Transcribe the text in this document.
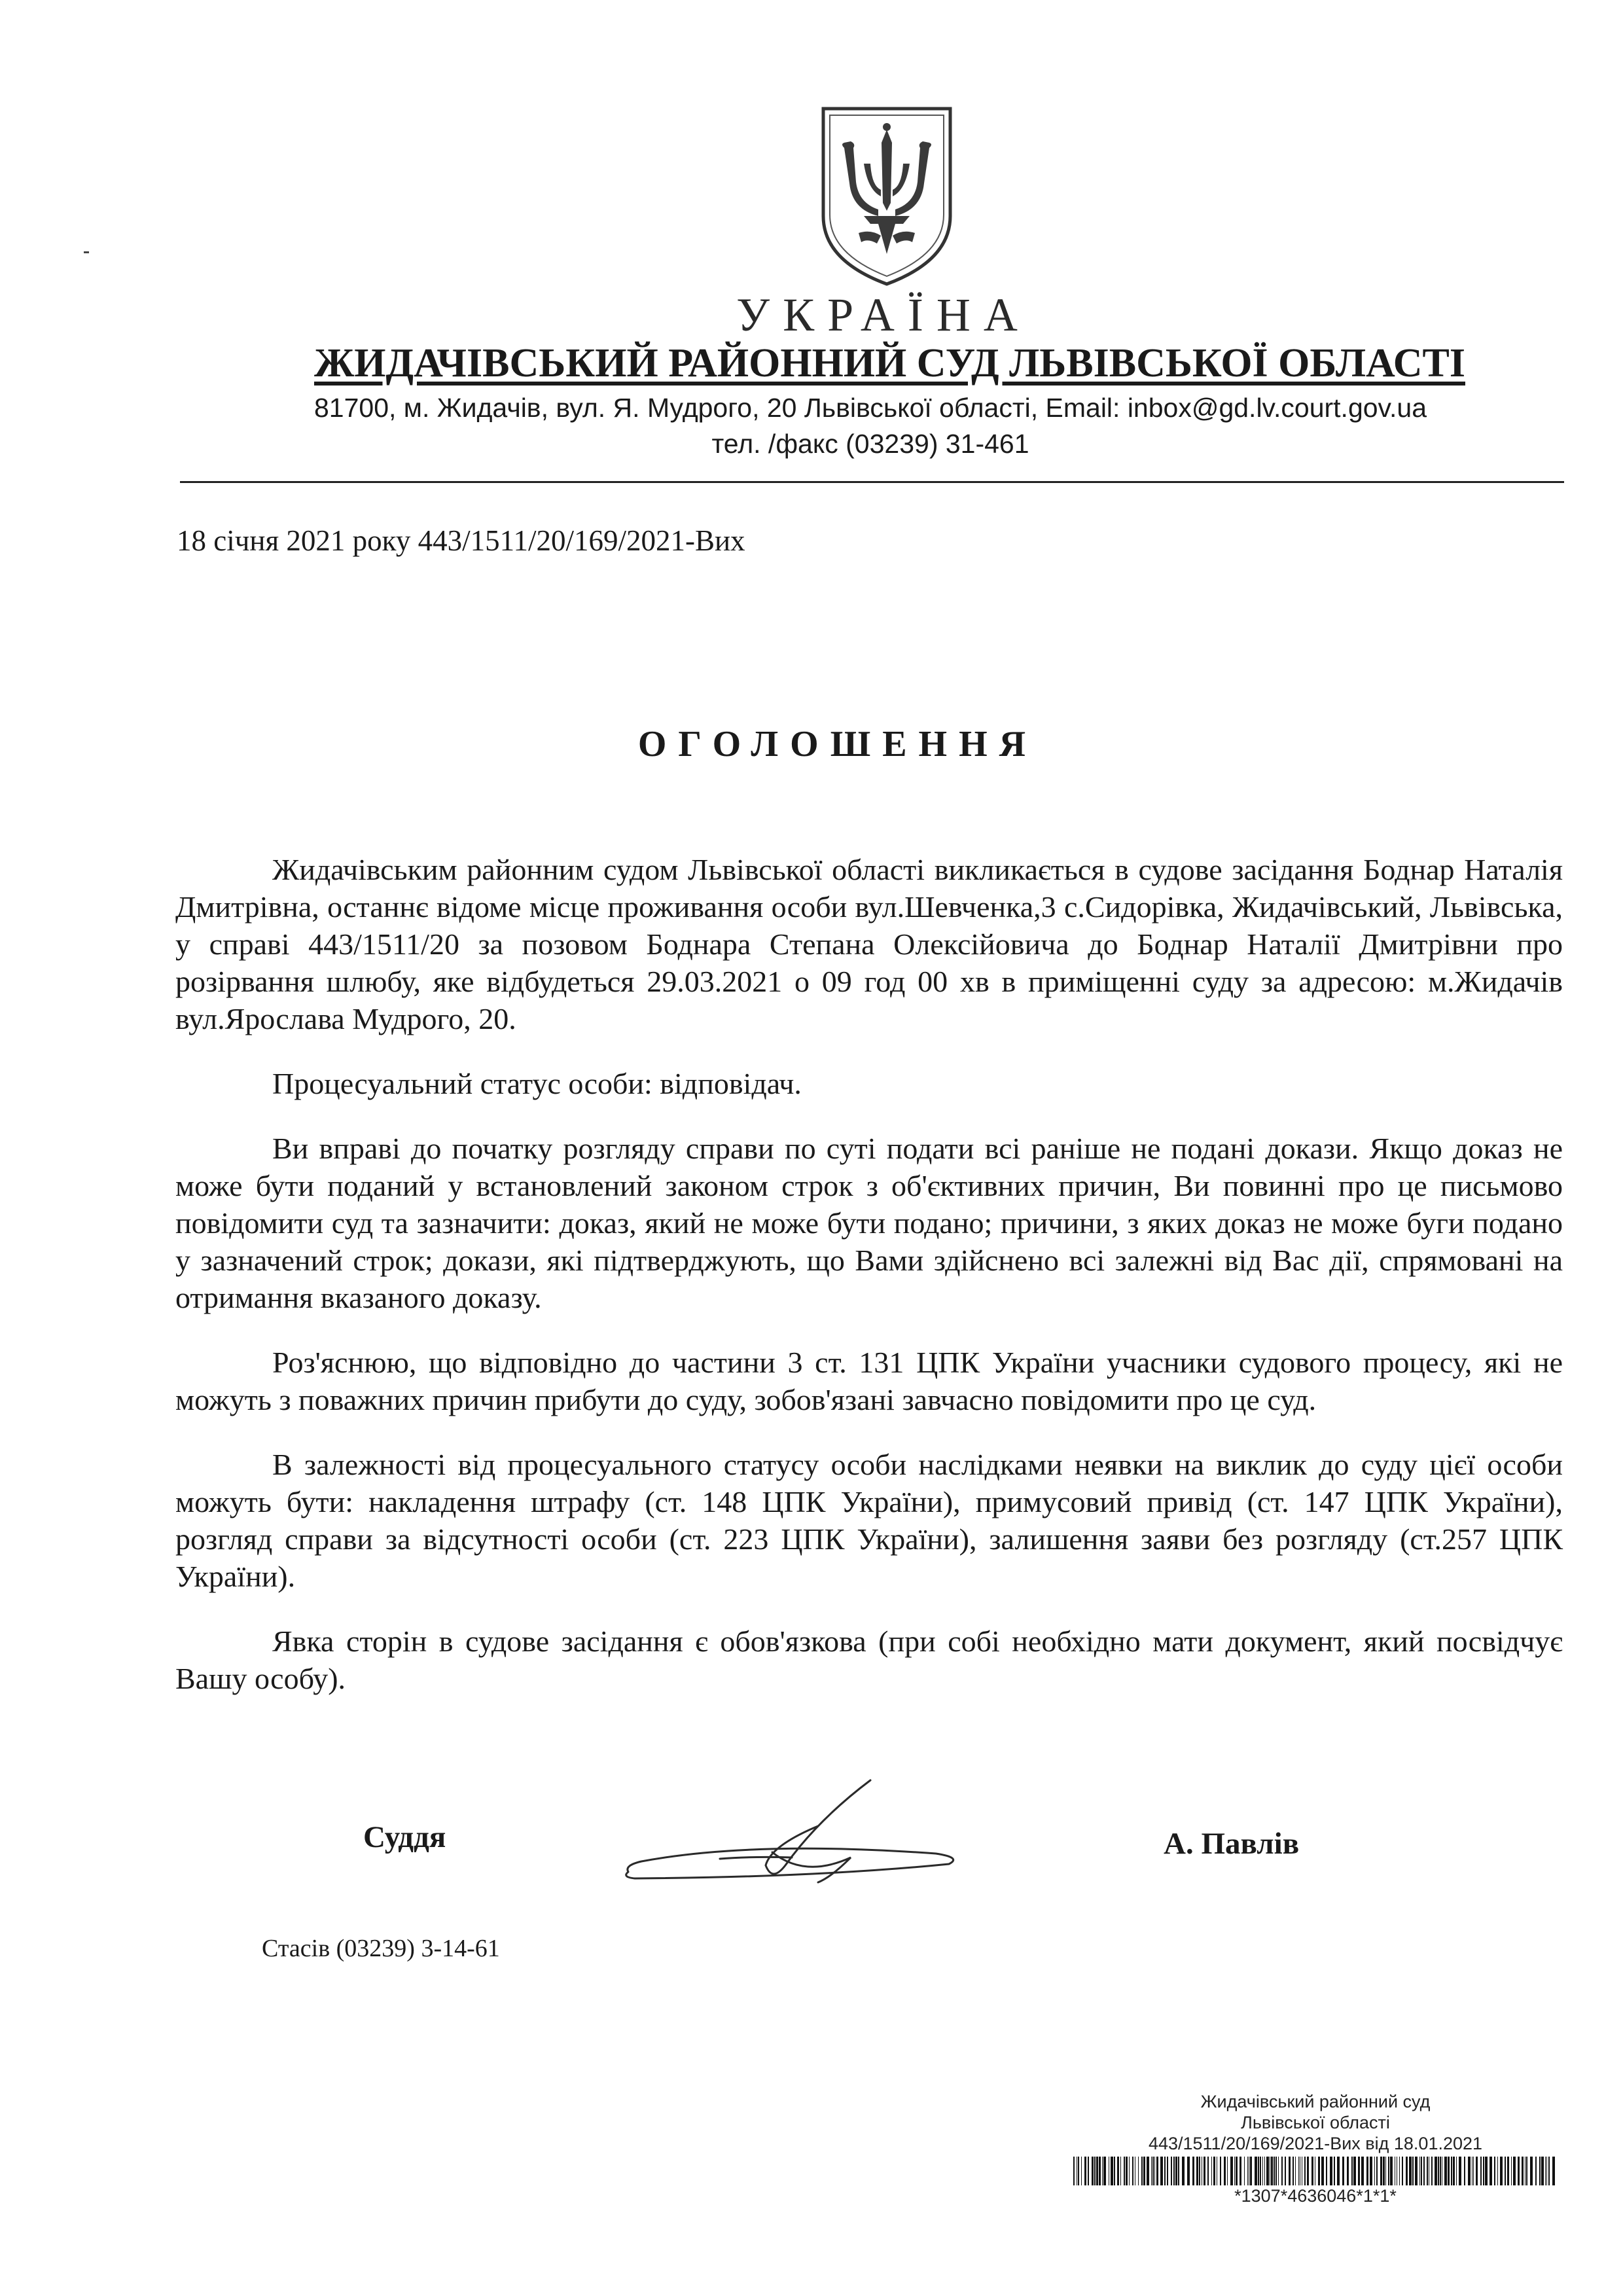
УКРАЇНА
ЖИДАЧІВСЬКИЙ РАЙОННИЙ СУД ЛЬВІВСЬКОЇ ОБЛАСТІ
81700, м. Жидачів, вул. Я. Мудрого, 20 Львівської області, Email: inbox@gd.lv.court.gov.ua
тел. /факс (03239) 31-461
18 січня 2021 року 443/1511/20/169/2021-Вих
ОГОЛОШЕННЯ

Жидачівським районним судом Львівської області викликається в судове засідання Боднар Наталія Дмитрівна, останнє відоме місце проживання особи вул.Шевченка,3 с.Сидорівка, Жидачівський, Львівська, у справі 443/1511/20 за позовом Боднара Степана Олексійовича до Боднар Наталії Дмитрівни про розірвання шлюбу, яке відбудеться 29.03.2021 о 09 год 00 хв в приміщенні суду за адресою: м.Жидачів вул.Ярослава Мудрого, 20.

Процесуальний статус особи: відповідач.

Ви вправі до початку розгляду справи по суті подати всі раніше не подані докази. Якщо доказ не може бути поданий у встановлений законом строк з об'єктивних причин, Ви повинні про це письмово повідомити суд та зазначити: доказ, який не може бути подано; причини, з яких доказ не може буги подано у зазначений строк; докази, які підтверджують, що Вами здійснено всі залежні від Вас дії, спрямовані на отримання вказаного доказу.

Роз'яснюю, що відповідно до частини 3 ст. 131 ЦПК України учасники судового процесу, які не можуть з поважних причин прибути до суду, зобов'язані завчасно повідомити про це суд.

В залежності від процесуального статусу особи наслідками неявки на виклик до суду цієї особи можуть бути: накладення штрафу (ст. 148 ЦПК України), примусовий привід (ст. 147 ЦПК України), розгляд справи за відсутності особи (ст. 223 ЦПК України), залишення заяви без розгляду (ст.257 ЦПК України).

Явка сторін в судове засідання є обов'язкова (при собі необхідно мати документ, який посвідчує Вашу особу).

Суддя	А. Павлів
Стасів (03239) 3-14-61
Жидачівський районний суд
Львівської області
443/1511/20/169/2021-Вих від 18.01.2021
*1307*4636046*1*1*
